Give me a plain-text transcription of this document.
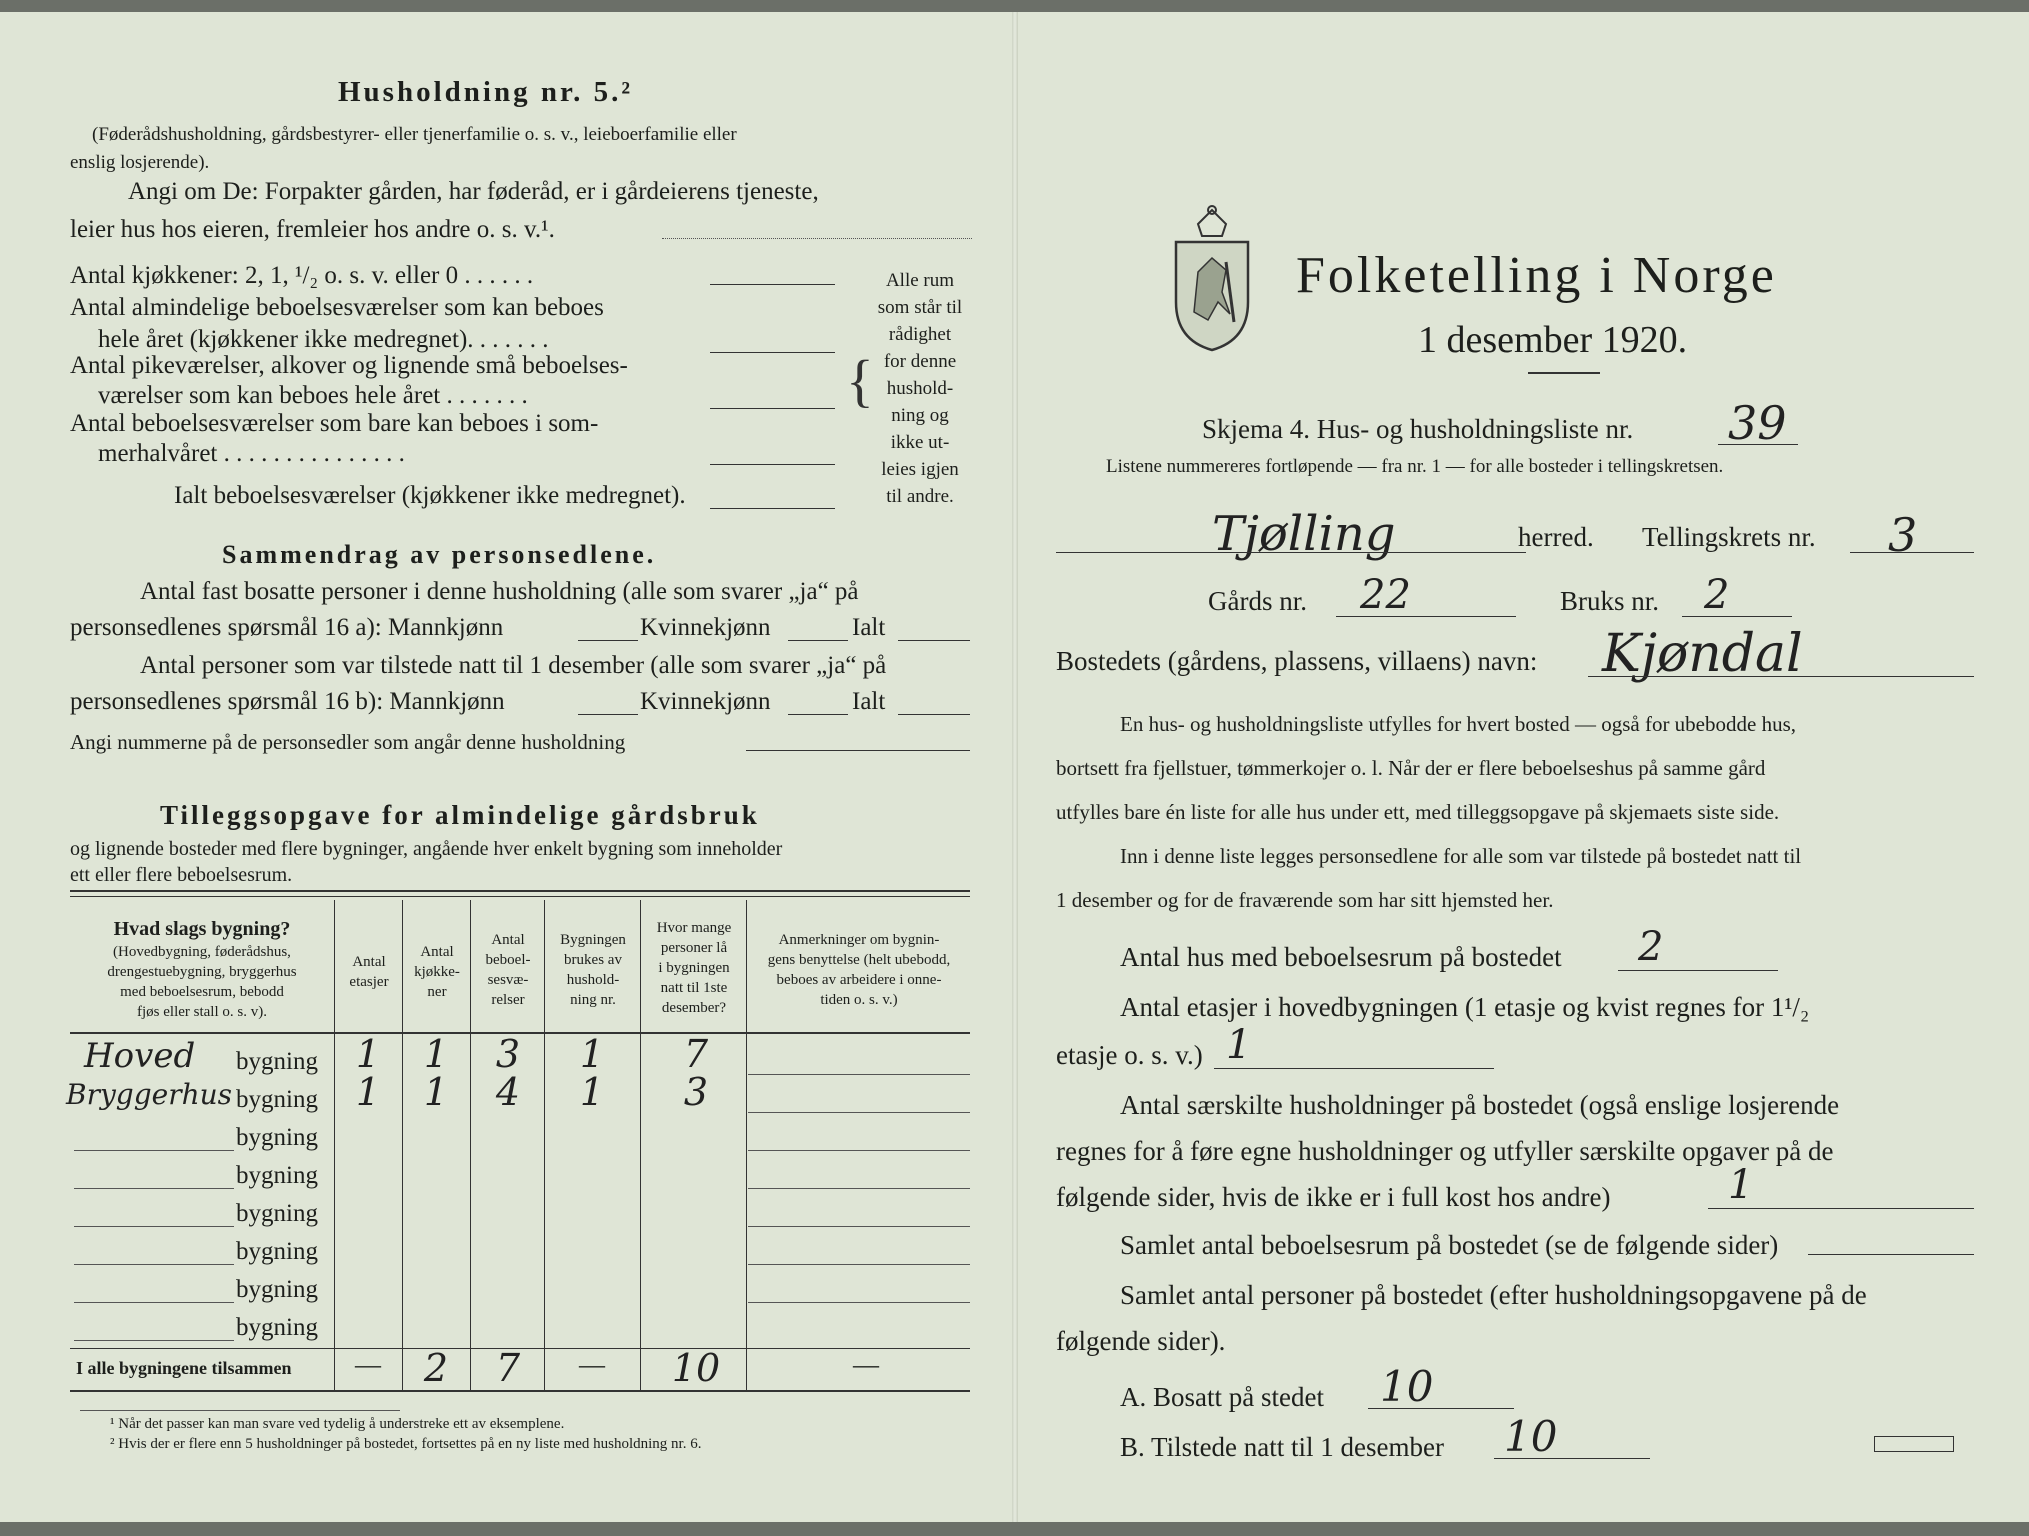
Husholdning nr. 5.²
(Føderådshusholdning, gårdsbestyrer- eller tjenerfamilie o. s. v., leieboerfamilie eller
enslig losjerende).
Angi om De: Forpakter gården, har føderåd, er i gårdeierens tjeneste,
leier hus hos eieren, fremleier hos andre o. s. v.¹.
Antal kjøkkener: 2, 1, ¹/₂ o. s. v. eller 0 . . . . . .
Antal almindelige beboelsesværelser som kan beboes
hele året (kjøkkener ikke medregnet). . . . . . .
Antal pikeværelser, alkover og lignende små beboelses-
værelser som kan beboes hele året . . . . . . .
Antal beboelsesværelser som bare kan beboes i som-
merhalvåret . . . . . . . . . . . . . . .
Ialt beboelsesværelser (kjøkkener ikke medregnet).
{
Alle rum
som står til
rådighet
for denne
hushold-
ning og
ikke ut-
leies igjen
til andre.
Sammendrag av personsedlene.
Antal fast bosatte personer i denne husholdning (alle som svarer „ja“ på
personsedlenes spørsmål 16 a): Mannkjønn	Kvinnekjønn	Ialt
Antal personer som var tilstede natt til 1 desember (alle som svarer „ja“ på
personsedlenes spørsmål 16 b): Mannkjønn	Kvinnekjønn	Ialt
Angi nummerne på de personsedler som angår denne husholdning
Tilleggsopgave for almindelige gårdsbruk
og lignende bosteder med flere bygninger, angående hver enkelt bygning som inneholder
ett eller flere beboelsesrum.
Hvad slags bygning?
(Hovedbygning, føderådshus,
drengestuebygning, bryggerhus
med beboelsesrum, bebodd
fjøs eller stall o. s. v).
Antal
etasjer
Antal
kjøkke-
ner
Antal
beboel-
sesvæ-
relser
Bygningen
brukes av
hushold-
ning nr.
Hvor mange
personer lå
i bygningen
natt til 1ste
desember?
Anmerkninger om bygnin-
gens benyttelse (helt ubebodd,
beboes av arbeidere i onne-
tiden o. s. v.)
Hoved bygning 1	1	3	1	7
Bryggerhus bygning 1	1	4	1	3
bygning
bygning
bygning
bygning
bygning
bygning
I alle bygningene tilsammen	—	2	7	—	10	—
¹ Når det passer kan man svare ved tydelig å understreke ett av eksemplene.
² Hvis der er flere enn 5 husholdninger på bostedet, fortsettes på en ny liste med husholdning nr. 6.
Folketelling i Norge
1 desember 1920.
Skjema 4. Hus- og husholdningsliste nr. 39
Listene nummereres fortløpende — fra nr. 1 — for alle bosteder i tellingskretsen.
Tjølling	herred. Tellingskrets nr. 3
Gårds nr. 22	Bruks nr. 2
Bostedets (gårdens, plassens, villaens) navn: Kjøndal
En hus- og husholdningsliste utfylles for hvert bosted — også for ubebodde hus,
bortsett fra fjellstuer, tømmerkojer o. l. Når der er flere beboelseshus på samme gård
utfylles bare én liste for alle hus under ett, med tilleggsopgave på skjemaets siste side.
Inn i denne liste legges personsedlene for alle som var tilstede på bostedet natt til
1 desember og for de fraværende som har sitt hjemsted her.
Antal hus med beboelsesrum på bostedet 2
Antal etasjer i hovedbygningen (1 etasje og kvist regnes for 1¹/₂
etasje o. s. v.) 1
Antal særskilte husholdninger på bostedet (også enslige losjerende
regnes for å føre egne husholdninger og utfyller særskilte opgaver på de
følgende sider, hvis de ikke er i full kost hos andre)	1
Samlet antal beboelsesrum på bostedet (se de følgende sider)
Samlet antal personer på bostedet (efter husholdningsopgavene på de
følgende sider).
A. Bosatt på stedet 10
B. Tilstede natt til 1 desember 10
